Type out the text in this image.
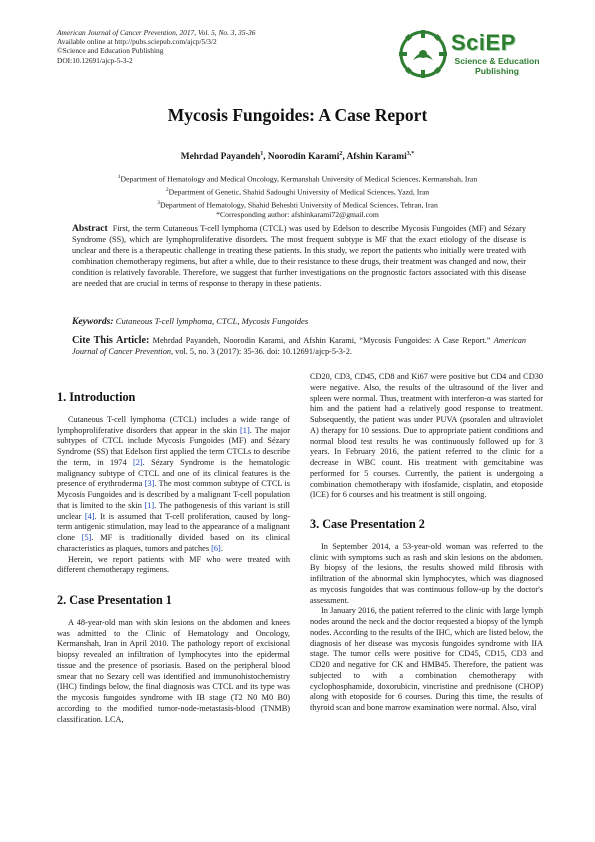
American Journal of Cancer Prevention, 2017, Vol. 5, No. 3, 35-36
Available online at http://pubs.sciepub.com/ajcp/5/3/2
©Science and Education Publishing
DOI:10.12691/ajcp-5-3-2
SciEP
Science & Education
Publishing
Mycosis Fungoides: A Case Report
Mehrdad Payandeh$^1$, Noorodin Karami$^2$, Afshin Karami$^{3,*}$
$^1$Department of Hematology and Medical Oncology, Kermanshah University of Medical Sciences, Kermanshah, Iran
$^2$Department of Genetic, Shahid Sadoughi University of Medical Sciences, Yazd, Iran
$^3$Department of Hematology, Shahid Beheshti University of Medical Sciences, Tehran, Iran
*Corresponding author: afshinkarami72@gmail.com
Abstract First, the term Cutaneous T-cell lymphoma (CTCL) was used by Edelson to describe Mycosis Fungoides (MF) and Sézary Syndrome (SS), which are lymphoproliferative disorders. The most frequent subtype is MF that the exact etiology of the disease is unclear and there is a therapeutic challenge in treating these patients. In this study, we report the patients who initially were treated with combination chemotherapy regimens, but after a while, due to their resistance to these drugs, their treatment was changed and now, their condition is relatively favorable. Therefore, we suggest that further investigations on the prognostic factors associated with this disease are needed that are crucial in terms of response to therapy in these patients.
Keywords: Cutaneous T-cell lymphoma, CTCL, Mycosis Fungoides
Cite This Article: Mehrdad Payandeh, Noorodin Karami, and Afshin Karami, “Mycosis Fungoides: A Case Report.” American Journal of Cancer Prevention, vol. 5, no. 3 (2017): 35-36. doi: 10.12691/ajcp-5-3-2.
1. Introduction

Cutaneous T-cell lymphoma (CTCL) includes a wide range of lymphoproliferative disorders that appear in the skin [1]. The major subtypes of CTCL include Mycosis Fungoides (MF) and Sézary Syndrome (SS) that Edelson first applied the term CTCLs to describe the term, in 1974 [2]. Sézary Syndrome is the hematologic malignancy subtype of CTCL and one of its clinical features is the presence of erythroderma [3]. The most common subtype of CTCL is Mycosis Fungoides and is described by a malignant T-cell population that is limited to the skin [1]. The pathogenesis of this variant is still unclear [4]. It is assumed that T-cell proliferation, caused by long-term antigenic stimulation, may lead to the appearance of a malignant clone [5]. MF is traditionally divided based on its clinical characteristics as plaques, tumors and patches [6].

Herein, we report patients with MF who were treated with different chemotherapy regimens.

2. Case Presentation 1

A 48-year-old man with skin lesions on the abdomen and knees was admitted to the Clinic of Hematology and Oncology, Kermanshah, Iran in April 2010. The pathology report of excisional biopsy revealed an infiltration of lymphocytes into the epidermal tissue and the presence of psoriasis. Based on the peripheral blood smear that no Sezary cell was identified and immunohistochemistry (IHC) findings below, the final diagnosis was CTCL and its type was the mycosis fungoides syndrome with IB stage (T2 N0 M0 B0) according to the modified tumor-node-metastasis-blood (TNMB) classification. LCA,

CD20, CD3, CD45, CD8 and Ki67 were positive but CD4 and CD30 were negative. Also, the results of the ultrasound of the liver and spleen were normal. Thus, treatment with interferon-α was started for him and the patient had a relatively good response to treatment. Subsequently, the patient was under PUVA (psoralen and ultraviolet A) therapy for 10 sessions. Due to appropriate patient conditions and normal blood test results he was continuously followed up for 3 years. In February 2016, the patient referred to the clinic for a decrease in WBC count. His treatment with gemcitabine was performed for 5 courses. Currently, the patient is undergoing a combination chemotherapy with ifosfamide, cisplatin, and etoposide (ICE) for 6 courses and his treatment is still ongoing.

3. Case Presentation 2

In September 2014, a 53-year-old woman was referred to the clinic with symptoms such as rash and skin lesions on the abdomen. By biopsy of the lesions, the results showed mild fibrosis with infiltration of the abnormal skin lymphocytes, which was diagnosed as mycosis fungoides that was continuous follow-up by the doctor's assessment.

In January 2016, the patient referred to the clinic with large lymph nodes around the neck and the doctor requested a biopsy of the lymph nodes. According to the results of the IHC, which are listed below, the diagnosis of her disease was mycosis fungoides syndrome with IIA stage. The tumor cells were positive for CD45, CD15, CD3 and CD20 and negative for CK and HMB45. Therefore, the patient was subjected to with a combination chemotherapy with cyclophosphamide, doxorubicin, vincristine and prednisone (CHOP) along with etoposide for 6 courses. During this time, the results of thyroid scan and bone marrow examination were normal. Also, viral
